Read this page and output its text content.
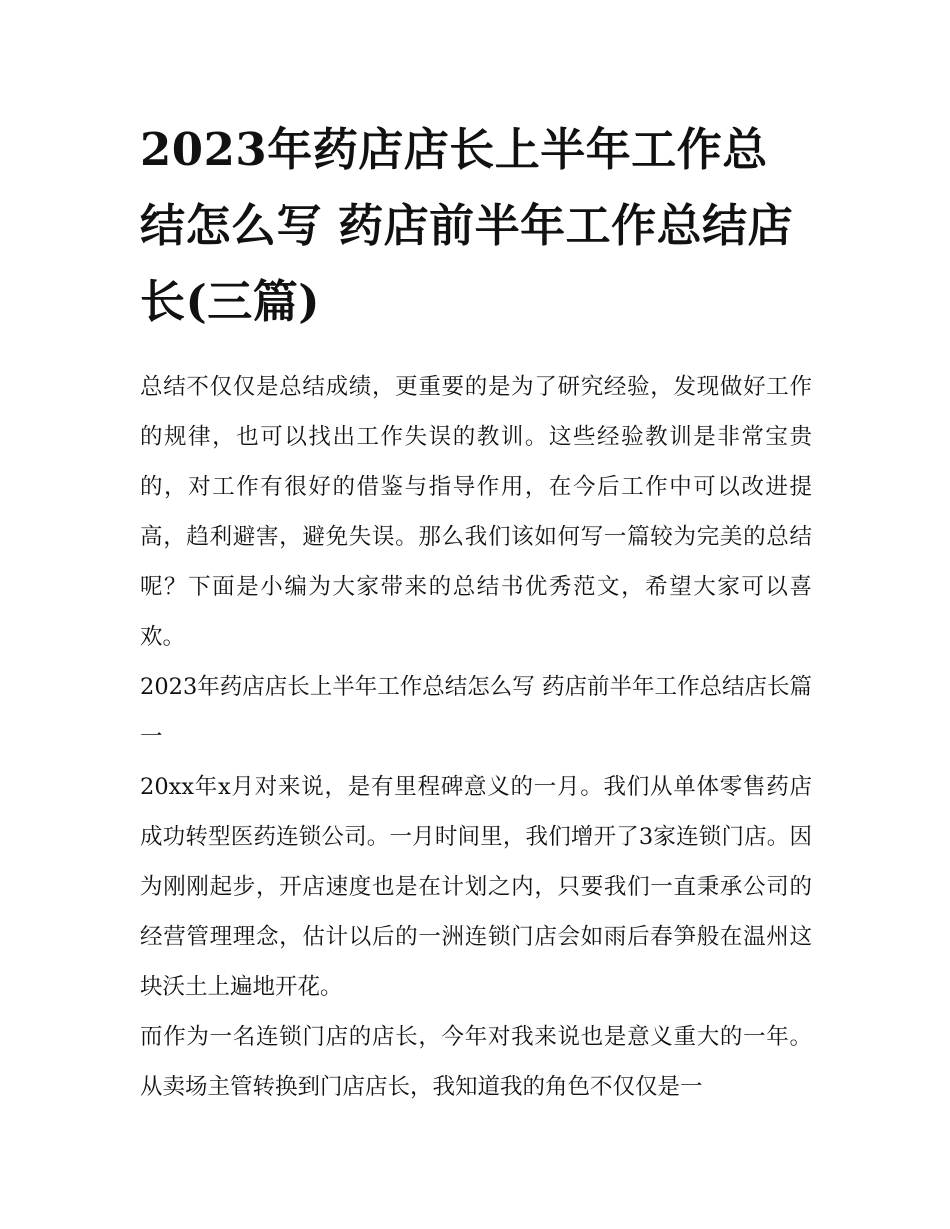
2023年药店店长上半年工作总结怎么写 药店前半年工作总结店长(三篇)

总结不仅仅是总结成绩，更重要的是为了研究经验，发现做好工作的规律，也可以找出工作失误的教训。这些经验教训是非常宝贵的，对工作有很好的借鉴与指导作用，在今后工作中可以改进提高，趋利避害，避免失误。那么我们该如何写一篇较为完美的总结呢？下面是小编为大家带来的总结书优秀范文，希望大家可以喜欢。

2023年药店店长上半年工作总结怎么写 药店前半年工作总结店长篇一

20xx年x月对来说，是有里程碑意义的一月。我们从单体零售药店成功转型医药连锁公司。一月时间里，我们增开了3家连锁门店。因为刚刚起步，开店速度也是在计划之内，只要我们一直秉承公司的经营管理理念，估计以后的一洲连锁门店会如雨后春笋般在温州这块沃土上遍地开花。

而作为一名连锁门店的店长，今年对我来说也是意义重大的一年。从卖场主管转换到门店店长，我知道我的角色不仅仅是一
